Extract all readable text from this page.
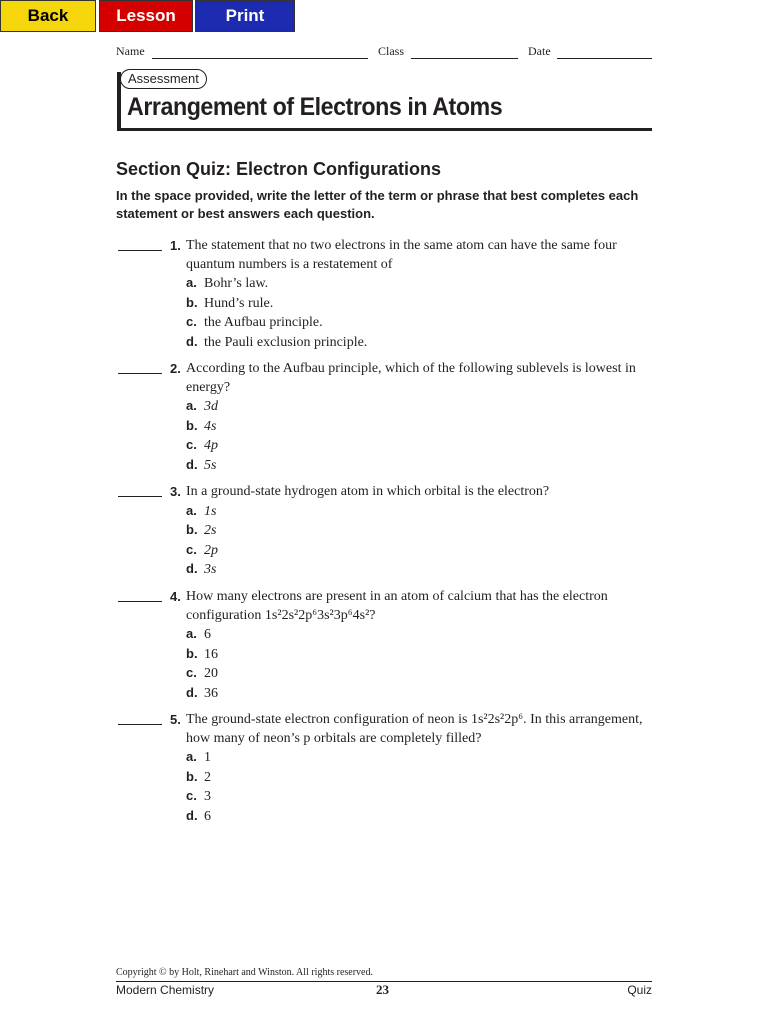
Back	Lesson	Print
Name	Class	Date
Assessment
Arrangement of Electrons in Atoms
Section Quiz: Electron Configurations
In the space provided, write the letter of the term or phrase that best completes each statement or best answers each question.
1. The statement that no two electrons in the same atom can have the same four quantum numbers is a restatement of
a. Bohr’s law.
b. Hund’s rule.
c. the Aufbau principle.
d. the Pauli exclusion principle.
2. According to the Aufbau principle, which of the following sublevels is lowest in energy?
a. 3d
b. 4s
c. 4p
d. 5s
3. In a ground-state hydrogen atom in which orbital is the electron?
a. 1s
b. 2s
c. 2p
d. 3s
4. How many electrons are present in an atom of calcium that has the electron configuration 1s²2s²2p⁶3s²3p⁶4s²?
a. 6
b. 16
c. 20
d. 36
5. The ground-state electron configuration of neon is 1s²2s²2p⁶. In this arrangement, how many of neon’s p orbitals are completely filled?
a. 1
b. 2
c. 3
d. 6
Copyright © by Holt, Rinehart and Winston. All rights reserved.
Modern Chemistry	23	Quiz
